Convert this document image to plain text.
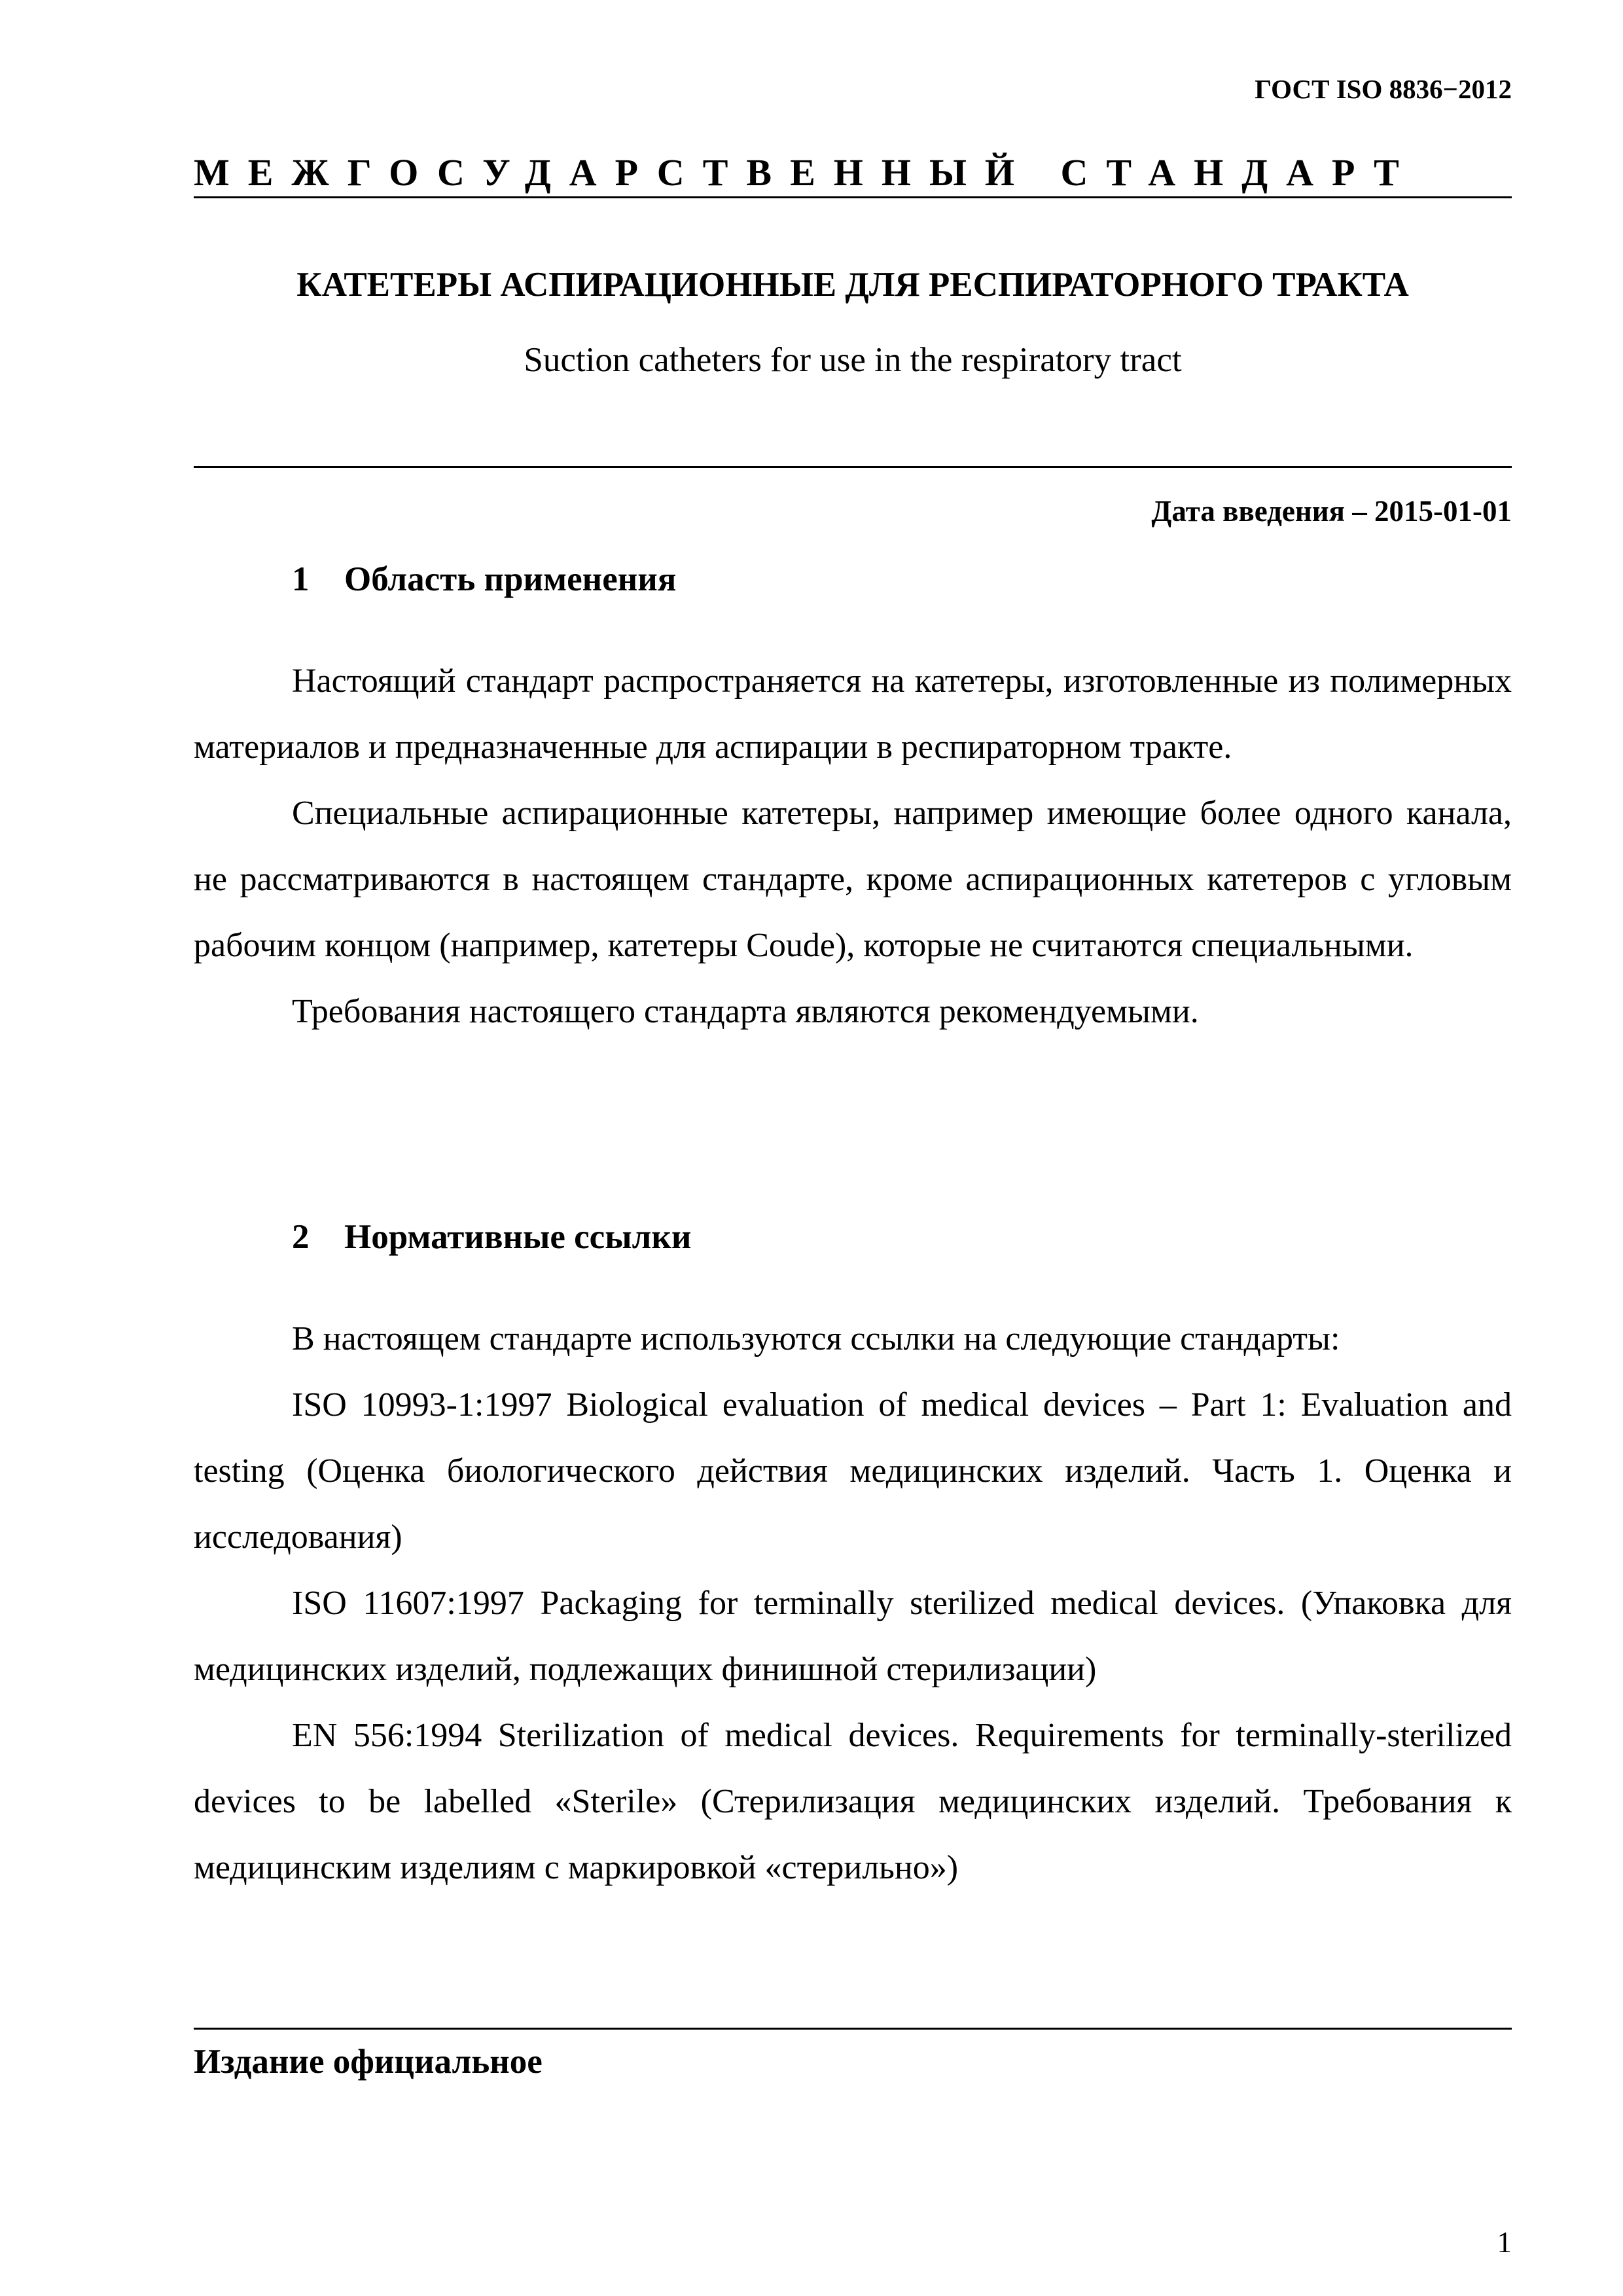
ГОСТ ISO 8836−2012
МЕЖГОСУДАРСТВЕННЫЙ СТАНДАРТ
КАТЕТЕРЫ АСПИРАЦИОННЫЕ ДЛЯ РЕСПИРАТОРНОГО ТРАКТА
Suction catheters for use in the respiratory tract
Дата введения – 2015-01-01
1 Область применения

Настоящий стандарт распространяется на катетеры, изготовленные из полимерных материалов и предназначенные для аспирации в респираторном тракте.

Специальные аспирационные катетеры, например имеющие более одного канала, не рассматриваются в настоящем стандарте, кроме аспирационных катетеров с угловым рабочим концом (например, катетеры Coude), которые не считаются специальными.

Требования настоящего стандарта являются рекомендуемыми.

2 Нормативные ссылки

В настоящем стандарте используются ссылки на следующие стандарты:

ISO 10993-1:1997 Biological evaluation of medical devices – Part 1: Evaluation and testing (Оценка биологического действия медицинских изделий. Часть 1. Оценка и исследования)

ISO 11607:1997 Packaging for terminally sterilized medical devices. (Упаковка для медицинских изделий, подлежащих финишной стерилизации)

EN 556:1994 Sterilization of medical devices. Requirements for terminally-sterilized devices to be labelled «Sterile» (Стерилизация медицинских изделий. Требования к медицинским изделиям с маркировкой «стерильно»)

Издание официальное
1
